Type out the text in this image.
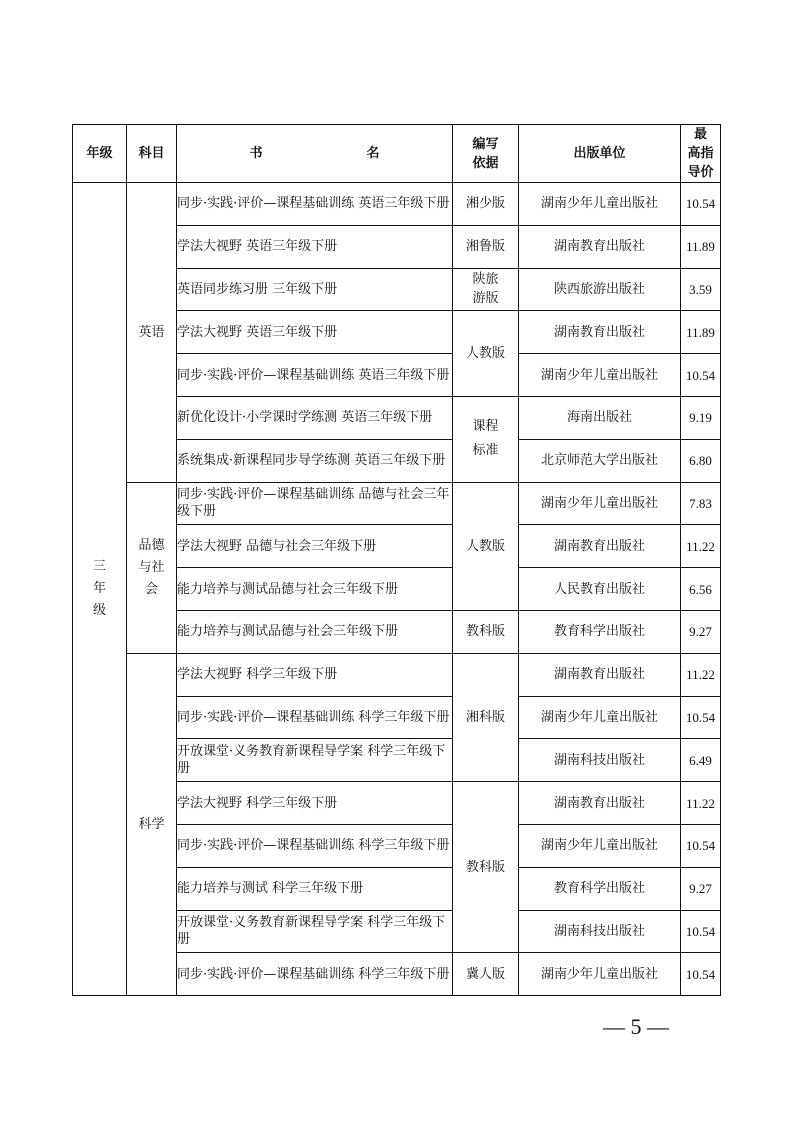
年级	科目	书　　名	编写依据	出版单位	最　高指导价
三年级	英语	同步·实践·评价—课程基础训练 英语三年级下册	湘少版	湖南少年儿童出版社	10.54
		学法大视野 英语三年级下册	湘鲁版	湖南教育出版社	11.89
		英语同步练习册 三年级下册	陕旅游版	陕西旅游出版社	3.59
		学法大视野 英语三年级下册	人教版	湖南教育出版社	11.89
		同步·实践·评价—课程基础训练 英语三年级下册		湖南少年儿童出版社	10.54
		新优化设计·小学课时学练测 英语三年级下册	课程标准	海南出版社	9.19
		系统集成·新课程同步导学练测 英语三年级下册		北京师范大学出版社	6.80
	品德与社会	同步·实践·评价—课程基础训练 品德与社会三年级下册	人教版	湖南少年儿童出版社	7.83
		学法大视野 品德与社会三年级下册		湖南教育出版社	11.22
		能力培养与测试品德与社会三年级下册		人民教育出版社	6.56
		能力培养与测试品德与社会三年级下册	教科版	教育科学出版社	9.27
	科学	学法大视野 科学三年级下册	湘科版	湖南教育出版社	11.22
		同步·实践·评价—课程基础训练 科学三年级下册		湖南少年儿童出版社	10.54
		开放课堂·义务教育新课程导学案 科学三年级下册		湖南科技出版社	6.49
		学法大视野 科学三年级下册	教科版	湖南教育出版社	11.22
		同步·实践·评价—课程基础训练 科学三年级下册		湖南少年儿童出版社	10.54
		能力培养与测试 科学三年级下册		教育科学出版社	9.27
		开放课堂·义务教育新课程导学案 科学三年级下册		湖南科技出版社	10.54
		同步·实践·评价—课程基础训练 科学三年级下册	冀人版	湖南少年儿童出版社	10.54
— 5 —
